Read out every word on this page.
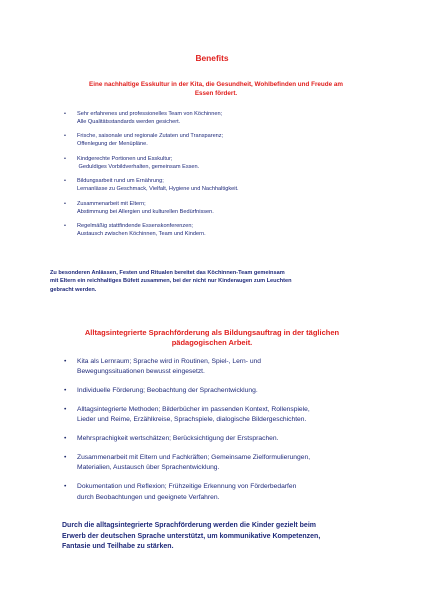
Benefits
Eine nachhaltige Esskultur in der Kita, die Gesundheit, Wohlbefinden und Freude am
Essen fördert.
• Sehr erfahrenes und professionelles Team von Köchinnen;
Alle Qualitätsstandards werden gesichert.
• Frische, saisonale und regionale Zutaten und Transparenz;
Offenlegung der Menüpläne.
• Kindgerechte Portionen und Esskultur;
Geduldiges Vorbildverhalten, gemeinsam Essen.
• Bildungsarbeit rund um Ernährung;
Lernanlässe zu Geschmack, Vielfalt, Hygiene und Nachhaltigkeit.
• Zusammenarbeit mit Eltern;
Abstimmung bei Allergien und kulturellen Bedürfnissen.
• Regelmäßig stattfindende Essenskonferenzen;
Austausch zwischen Köchinnen, Team und Kindern.
Zu besonderen Anlässen, Festen und Ritualen bereitet das Köchinnen-Team gemeinsam
mit Eltern ein reichhaltiges Büfett zusammen, bei der nicht nur Kinderaugen zum Leuchten
gebracht werden.
Alltagsintegrierte Sprachförderung als Bildungsauftrag in der täglichen
pädagogischen Arbeit.
• Kita als Lernraum; Sprache wird in Routinen, Spiel-, Lern- und
Bewegungssituationen bewusst eingesetzt.
• Individuelle Förderung; Beobachtung der Sprachentwicklung.
• Alltagsintegrierte Methoden; Bilderbücher im passenden Kontext, Rollenspiele,
Lieder und Reime, Erzählkreise, Sprachspiele, dialogische Bildergeschichten.
• Mehrsprachigkeit wertschätzen; Berücksichtigung der Erstsprachen.
• Zusammenarbeit mit Eltern und Fachkräften; Gemeinsame Zielformulierungen,
Materialien, Austausch über Sprachentwicklung.
• Dokumentation und Reflexion; Frühzeitige Erkennung von Förderbedarfen
durch Beobachtungen und geeignete Verfahren.
Durch die alltagsintegrierte Sprachförderung werden die Kinder gezielt beim
Erwerb der deutschen Sprache unterstützt, um kommunikative Kompetenzen,
Fantasie und Teilhabe zu stärken.
